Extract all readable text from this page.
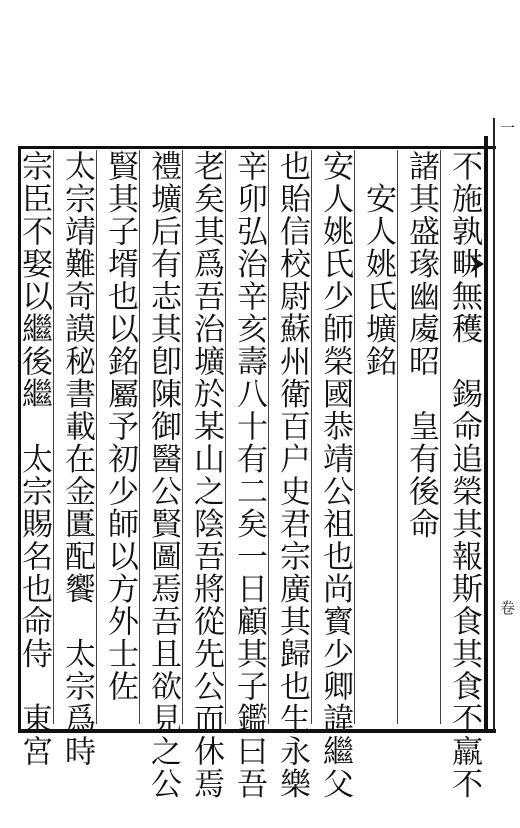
一
卷
不施孰畊無穫　錫命追榮其報斯食其食不羸不
諸其盛瑑幽䖏昭　皇有後命
　安人姚氏壙銘
安人姚氏少師榮國恭靖公祖也尚寳少卿諱繼父
也貽信校尉蘇州衛百户史君宗廣其歸也生永樂
辛卯弘治辛亥壽八十有二矣一日顧其子鑑曰吾
老矣其爲吾治壙於某山之陰吾將從先公而休焉
禮壙后有志其卽陳御醫公賢圖焉吾且欲見之公
賢其子壻也以銘屬予初少師以方外士佐
太宗靖難奇謨秘書載在金匱配饗　太宗爲時
宗臣不娶以繼後繼　太宗賜名也命侍　東宮
